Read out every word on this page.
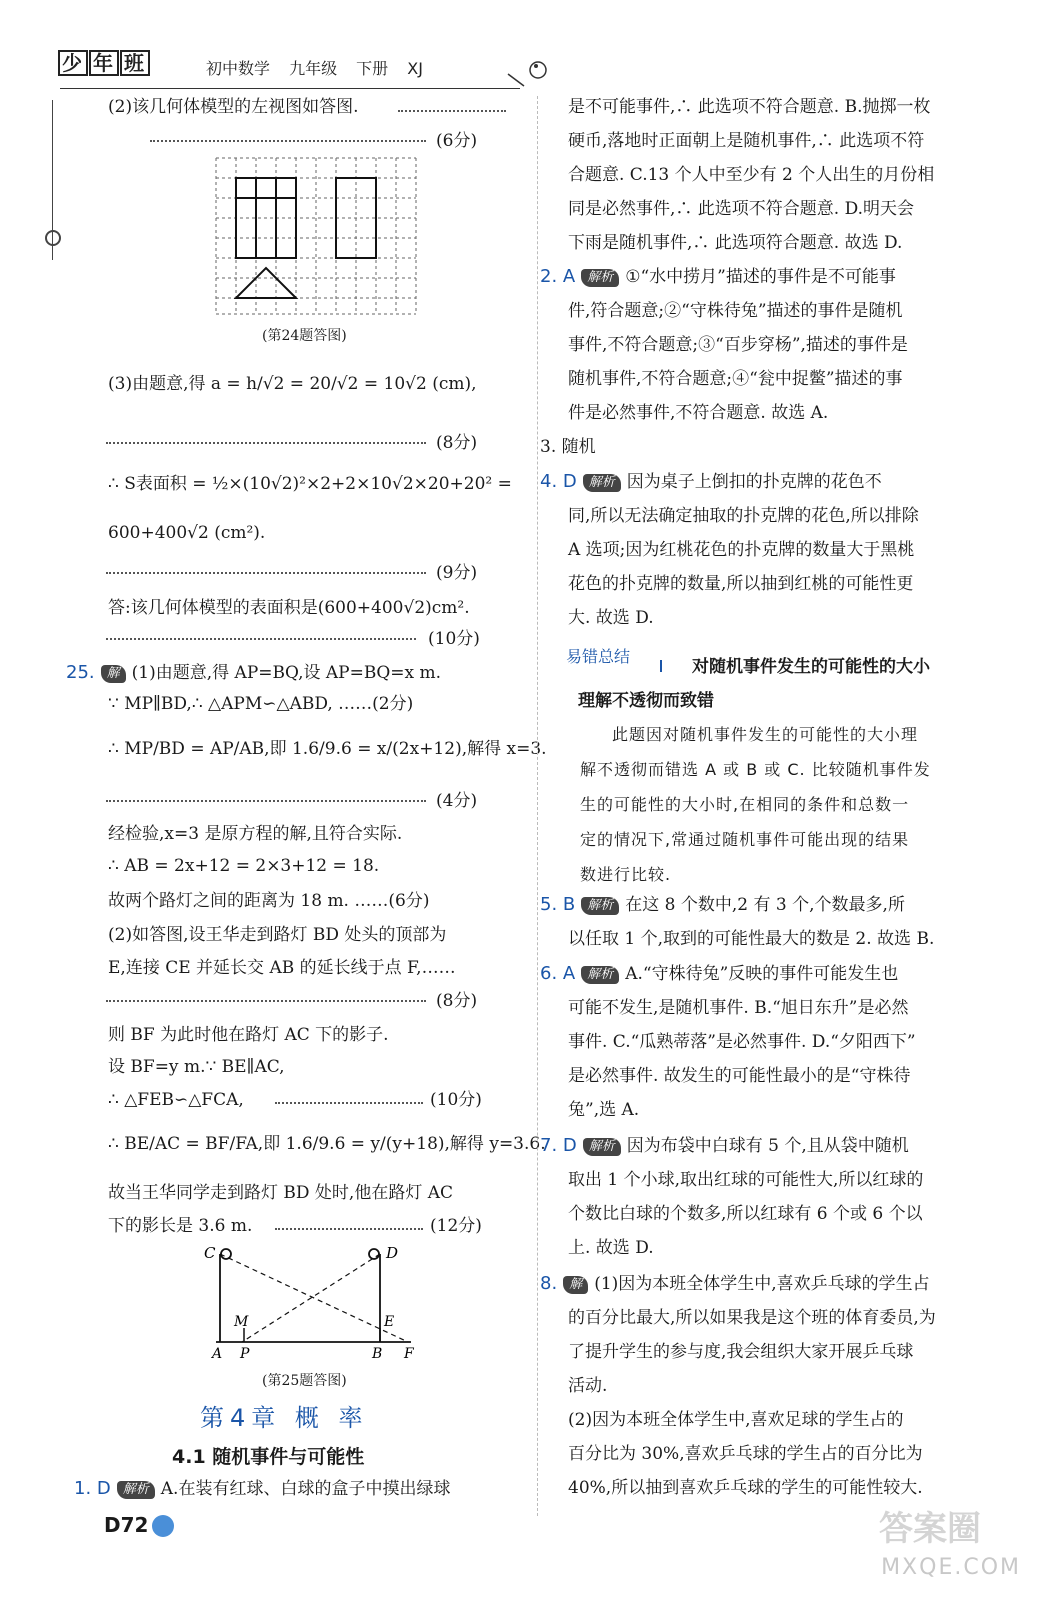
少 年 班	初中数学 九年级 下册 XJ
(2)该几何体模型的左视图如答图.
(6分)
(第24题答图)
(3)由题意,得 a = h/√2 = 20/√2 = 10√2 (cm),
(8分)
∴ S表面积 = ½×(10√2)²×2+2×10√2×20+20² =
600+400√2 (cm²).
(9分)
答:该几何体模型的表面积是(600+400√2)cm².
(10分)
25. 解 (1)由题意,得 AP=BQ,设 AP=BQ=x m.
∵ MP∥BD,∴ △APM∽△ABD, ……(2分)
∴ MP/BD = AP/AB,即 1.6/9.6 = x/(2x+12),解得 x=3.
(4分)
经检验,x=3 是原方程的解,且符合实际.
∴ AB = 2x+12 = 2×3+12 = 18.
故两个路灯之间的距离为 18 m. ……(6分)
(2)如答图,设王华走到路灯 BD 处头的顶部为
E,连接 CE 并延长交 AB 的延长线于点 F,……
(8分)
则 BF 为此时他在路灯 AC 下的影子.
设 BF=y m.∵ BE∥AC,
∴ △FEB∽△FCA,	(10分)
∴ BE/AC = BF/FA,即 1.6/9.6 = y/(y+18),解得 y=3.6.
故当王华同学走到路灯 BD 处时,他在路灯 AC
下的影长是 3.6 m.	(12分)
C	D
M	E
A P	B F
(第25题答图)
第4章 概 率
4.1 随机事件与可能性
1. D 解析 A.在装有红球、白球的盒子中摸出绿球
是不可能事件,∴ 此选项不符合题意. B.抛掷一枚
硬币,落地时正面朝上是随机事件,∴ 此选项不符
合题意. C.13 个人中至少有 2 个人出生的月份相
同是必然事件,∴ 此选项不符合题意. D.明天会
下雨是随机事件,∴ 此选项符合题意. 故选 D.
2. A 解析 ①“水中捞月”描述的事件是不可能事
件,符合题意;②“守株待兔”描述的事件是随机
事件,不符合题意;③“百步穿杨”,描述的事件是
随机事件,不符合题意;④“瓮中捉鳖”描述的事
件是必然事件,不符合题意. 故选 A.
3. 随机
4. D 解析 因为桌子上倒扣的扑克牌的花色不
同,所以无法确定抽取的扑克牌的花色,所以排除
A 选项;因为红桃花色的扑克牌的数量大于黑桃
花色的扑克牌的数量,所以抽到红桃的可能性更
大. 故选 D.
易错总结
对随机事件发生的可能性的大小
理解不透彻而致错
此题因对随机事件发生的可能性的大小理
解不透彻而错选 A 或 B 或 C. 比较随机事件发
生的可能性的大小时,在相同的条件和总数一
定的情况下,常通过随机事件可能出现的结果
数进行比较.
5. B 解析 在这 8 个数中,2 有 3 个,个数最多,所
以任取 1 个,取到的可能性最大的数是 2. 故选 B.
6. A 解析 A.“守株待兔”反映的事件可能发生也
可能不发生,是随机事件. B.“旭日东升”是必然
事件. C.“瓜熟蒂落”是必然事件. D.“夕阳西下”
是必然事件. 故发生的可能性最小的是“守株待
兔”,选 A.
7. D 解析 因为布袋中白球有 5 个,且从袋中随机
取出 1 个小球,取出红球的可能性大,所以红球的
个数比白球的个数多,所以红球有 6 个或 6 个以
上. 故选 D.
8. 解 (1)因为本班全体学生中,喜欢乒乓球的学生占
的百分比最大,所以如果我是这个班的体育委员,为
了提升学生的参与度,我会组织大家开展乒乓球
活动.
(2)因为本班全体学生中,喜欢足球的学生占的
百分比为 30%,喜欢乒乓球的学生占的百分比为
40%,所以抽到喜欢乒乓球的学生的可能性较大.
D72	答案圈
MXQE.COM
